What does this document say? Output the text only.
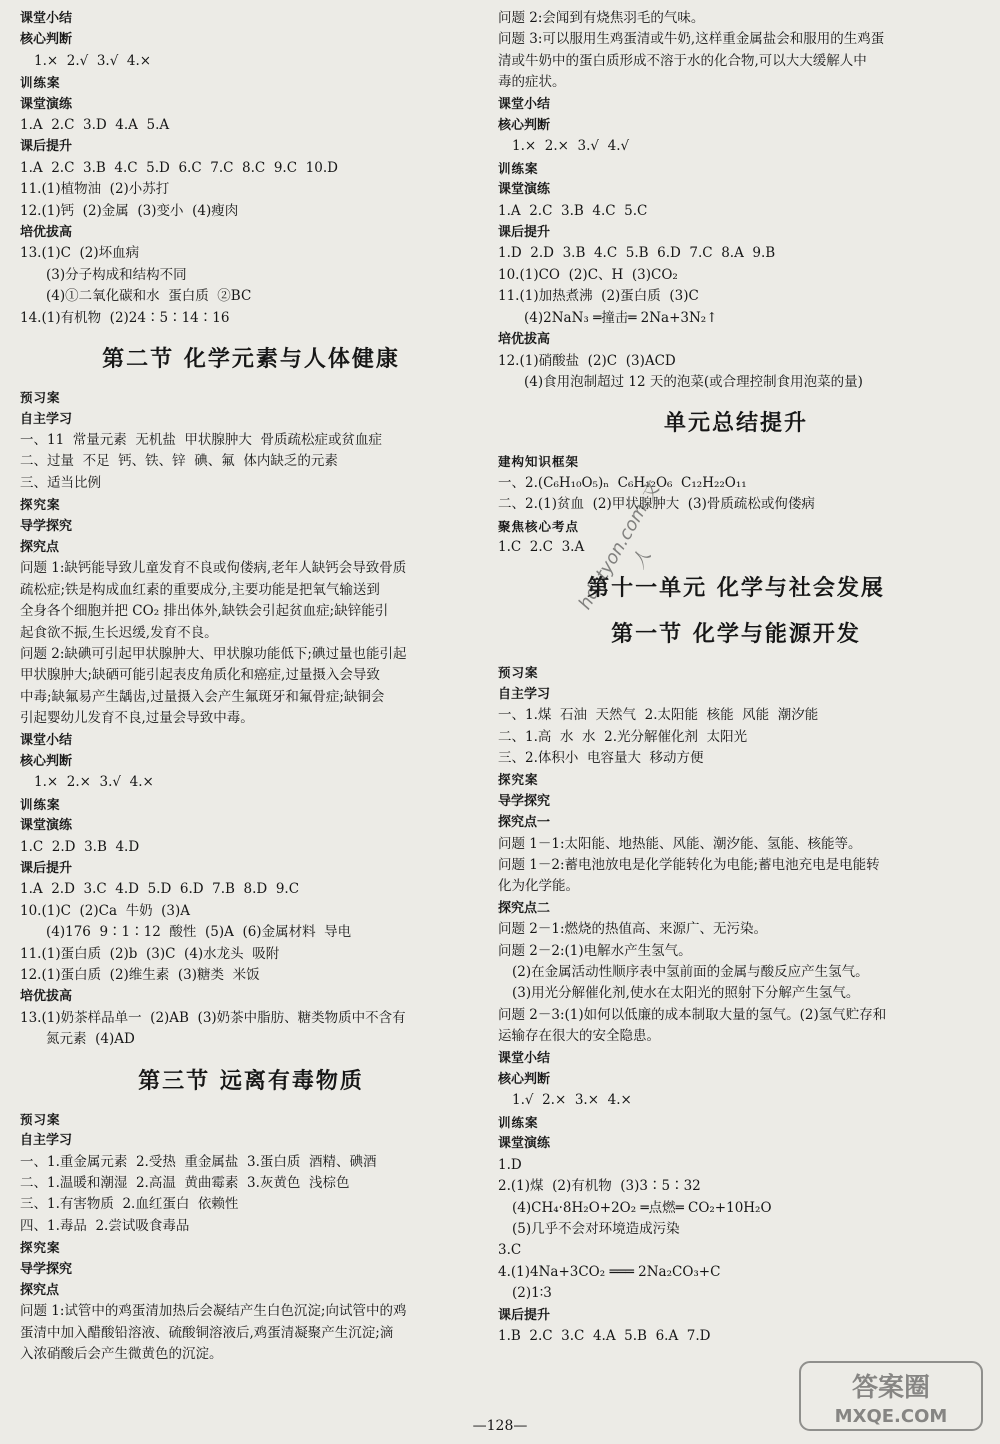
课堂小结
核心判断
1.×  2.√  3.√  4.×
训练案
课堂演练
1.A  2.C  3.D  4.A  5.A
课后提升
1.A  2.C  3.B  4.C  5.D  6.C  7.C  8.C  9.C  10.D
11.(1)植物油  (2)小苏打
12.(1)钙  (2)金属  (3)变小  (4)瘦肉
培优拔高
13.(1)C  (2)坏血病
(3)分子构成和结构不同
(4)①二氧化碳和水  蛋白质  ②BC
14.(1)有机物  (2)24∶5∶14∶16
第二节 化学元素与人体健康
预习案
自主学习
一、11  常量元素  无机盐  甲状腺肿大  骨质疏松症或贫血症
二、过量  不足  钙、铁、锌  碘、氟  体内缺乏的元素
三、适当比例
探究案
导学探究
探究点
问题 1:缺钙能导致儿童发育不良或佝偻病,老年人缺钙会导致骨质
疏松症;铁是构成血红素的重要成分,主要功能是把氧气输送到
全身各个细胞并把 CO₂ 排出体外,缺铁会引起贫血症;缺锌能引
起食欲不振,生长迟缓,发育不良。
问题 2:缺碘可引起甲状腺肿大、甲状腺功能低下;碘过量也能引起
甲状腺肿大;缺硒可能引起表皮角质化和癌症,过量摄入会导致
中毒;缺氟易产生龋齿,过量摄入会产生氟斑牙和氟骨症;缺铜会
引起婴幼儿发育不良,过量会导致中毒。
课堂小结
核心判断
1.×  2.×  3.√  4.×
训练案
课堂演练
1.C  2.D  3.B  4.D
课后提升
1.A  2.D  3.C  4.D  5.D  6.D  7.B  8.D  9.C
10.(1)C  (2)Ca  牛奶  (3)A
(4)176  9∶1∶12  酸性  (5)A  (6)金属材料  导电
11.(1)蛋白质  (2)b  (3)C  (4)水龙头  吸附
12.(1)蛋白质  (2)维生素  (3)糖类  米饭
培优拔高
13.(1)奶茶样品单一  (2)AB  (3)奶茶中脂肪、糖类物质中不含有
氮元素  (4)AD
第三节 远离有毒物质
预习案
自主学习
一、1.重金属元素  2.受热  重金属盐  3.蛋白质  酒精、碘酒
二、1.温暖和潮湿  2.高温  黄曲霉素  3.灰黄色  浅棕色
三、1.有害物质  2.血红蛋白  依赖性
四、1.毒品  2.尝试吸食毒品
探究案
导学探究
探究点
问题 1:试管中的鸡蛋清加热后会凝结产生白色沉淀;向试管中的鸡
蛋清中加入醋酸铅溶液、硫酸铜溶液后,鸡蛋清凝聚产生沉淀;滴
入浓硝酸后会产生微黄色的沉淀。
问题 2:会闻到有烧焦羽毛的气味。
问题 3:可以服用生鸡蛋清或牛奶,这样重金属盐会和服用的生鸡蛋
清或牛奶中的蛋白质形成不溶于水的化合物,可以大大缓解人中
毒的症状。
课堂小结
核心判断
1.×  2.×  3.√  4.√
训练案
课堂演练
1.A  2.C  3.B  4.C  5.C
课后提升
1.D  2.D  3.B  4.C  5.B  6.D  7.C  8.A  9.B
10.(1)CO  (2)C、H  (3)CO₂
11.(1)加热煮沸  (2)蛋白质  (3)C
(4)2NaN₃ ═撞击═ 2Na+3N₂↑
培优拔高
12.(1)硝酸盐  (2)C  (3)ACD
(4)食用泡制超过 12 天的泡菜(或合理控制食用泡菜的量)
单元总结提升
建构知识框架
一、2.(C₆H₁₀O₅)ₙ  C₆H₁₂O₆  C₁₂H₂₂O₁₁
二、2.(1)贫血  (2)甲状腺肿大  (3)骨质疏松或佝偻病
聚焦核心考点
1.C  2.C  3.A
第十一单元 化学与社会发展
第一节 化学与能源开发
预习案
自主学习
一、1.煤  石油  天然气  2.太阳能  核能  风能  潮汐能
二、1.高  水  水  2.光分解催化剂  太阳光
三、2.体积小  电容量大  移动方便
探究案
导学探究
探究点一
问题 1－1:太阳能、地热能、风能、潮汐能、氢能、核能等。
问题 1－2:蓄电池放电是化学能转化为电能;蓄电池充电是电能转
化为化学能。
探究点二
问题 2－1:燃烧的热值高、来源广、无污染。
问题 2－2:(1)电解水产生氢气。
(2)在金属活动性顺序表中氢前面的金属与酸反应产生氢气。
(3)用光分解催化剂,使水在太阳光的照射下分解产生氢气。
问题 2－3:(1)如何以低廉的成本制取大量的氢气。(2)氢气贮存和
运输存在很大的安全隐患。
课堂小结
核心判断
1.√  2.×  3.×  4.×
训练案
课堂演练
1.D
2.(1)煤  (2)有机物  (3)3∶5∶32
(4)CH₄·8H₂O+2O₂ ═点燃═ CO₂+10H₂O
(5)几乎不会对环境造成污染
3.C
4.(1)4Na+3CO₂ ═══ 2Na₂CO₃+C
(2)1∶3
课后提升
1.B  2.C  3.C  4.A  5.B  6.A  7.D
hdhtyon.com 文人
—128—
答案圈
MXQE.COM
